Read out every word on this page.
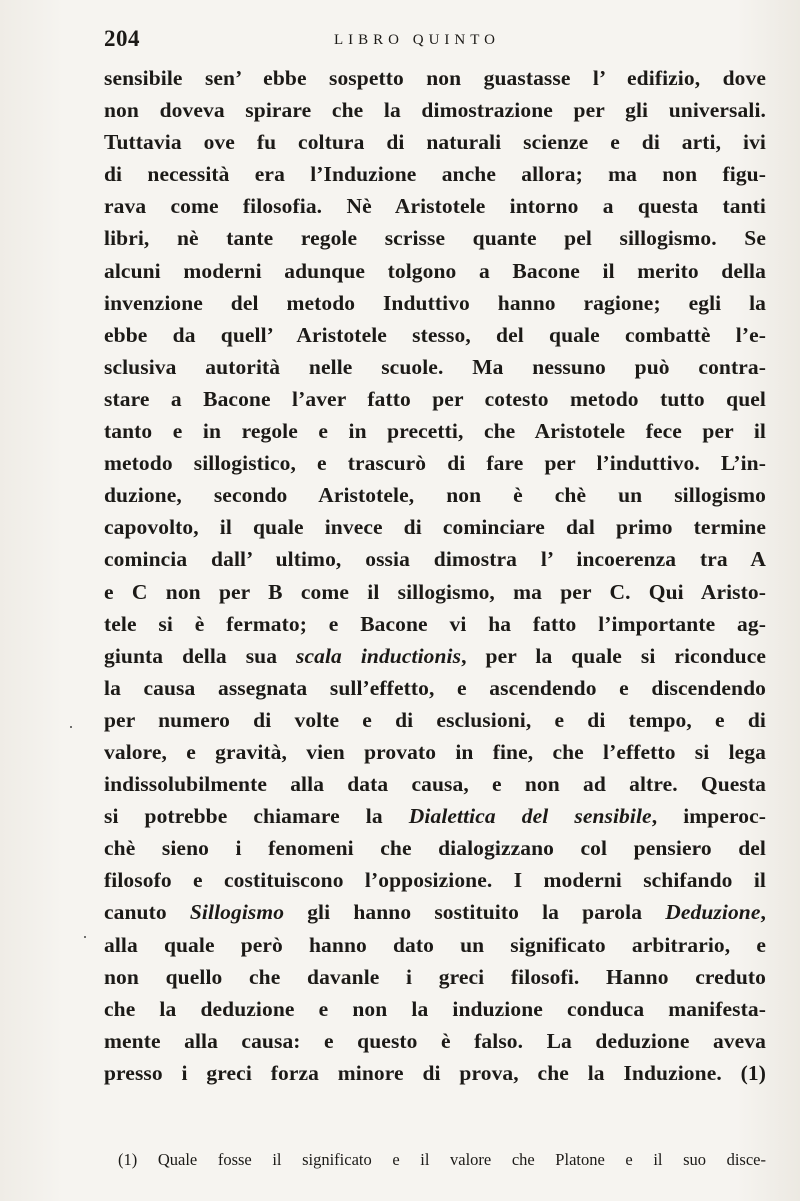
204	LIBRO QUINTO
sensibile sen’ ebbe sospetto non guastasse l’ edifizio, dove
non doveva spirare che la dimostrazione per gli universali.
Tuttavia ove fu coltura di naturali scienze e di arti, ivi
di necessità era l’Induzione anche allora; ma non figu-
rava come filosofia. Nè Aristotele intorno a questa tanti
libri, nè tante regole scrisse quante pel sillogismo. Se
alcuni moderni adunque tolgono a Bacone il merito della
invenzione del metodo Induttivo hanno ragione; egli la
ebbe da quell’ Aristotele stesso, del quale combattè l’e-
sclusiva autorità nelle scuole. Ma nessuno può contra-
stare a Bacone l’aver fatto per cotesto metodo tutto quel
tanto e in regole e in precetti, che Aristotele fece per il
metodo sillogistico, e trascurò di fare per l’induttivo. L’in-
duzione, secondo Aristotele, non è chè un sillogismo
capovolto, il quale invece di cominciare dal primo termine
comincia dall’ ultimo, ossia dimostra l’ incoerenza tra A
e C non per B come il sillogismo, ma per C. Qui Aristo-
tele si è fermato; e Bacone vi ha fatto l’importante ag-
giunta della sua scala inductionis, per la quale si riconduce
la causa assegnata sull’effetto, e ascendendo e discendendo
per numero di volte e di esclusioni, e di tempo, e di
valore, e gravità, vien provato in fine, che l’effetto si lega
indissolubilmente alla data causa, e non ad altre. Questa
si potrebbe chiamare la Dialettica del sensibile, imperoc-
chè sieno i fenomeni che dialogizzano col pensiero del
filosofo e costituiscono l’opposizione. I moderni schifando il
canuto Sillogismo gli hanno sostituito la parola Deduzione,
alla quale però hanno dato un significato arbitrario, e
non quello che davanle i greci filosofi. Hanno creduto
che la deduzione e non la induzione conduca manifesta-
mente alla causa: e questo è falso. La deduzione aveva
presso i greci forza minore di prova, che la Induzione. (1)
(1) Quale fosse il significato e il valore che Platone e il suo disce-
